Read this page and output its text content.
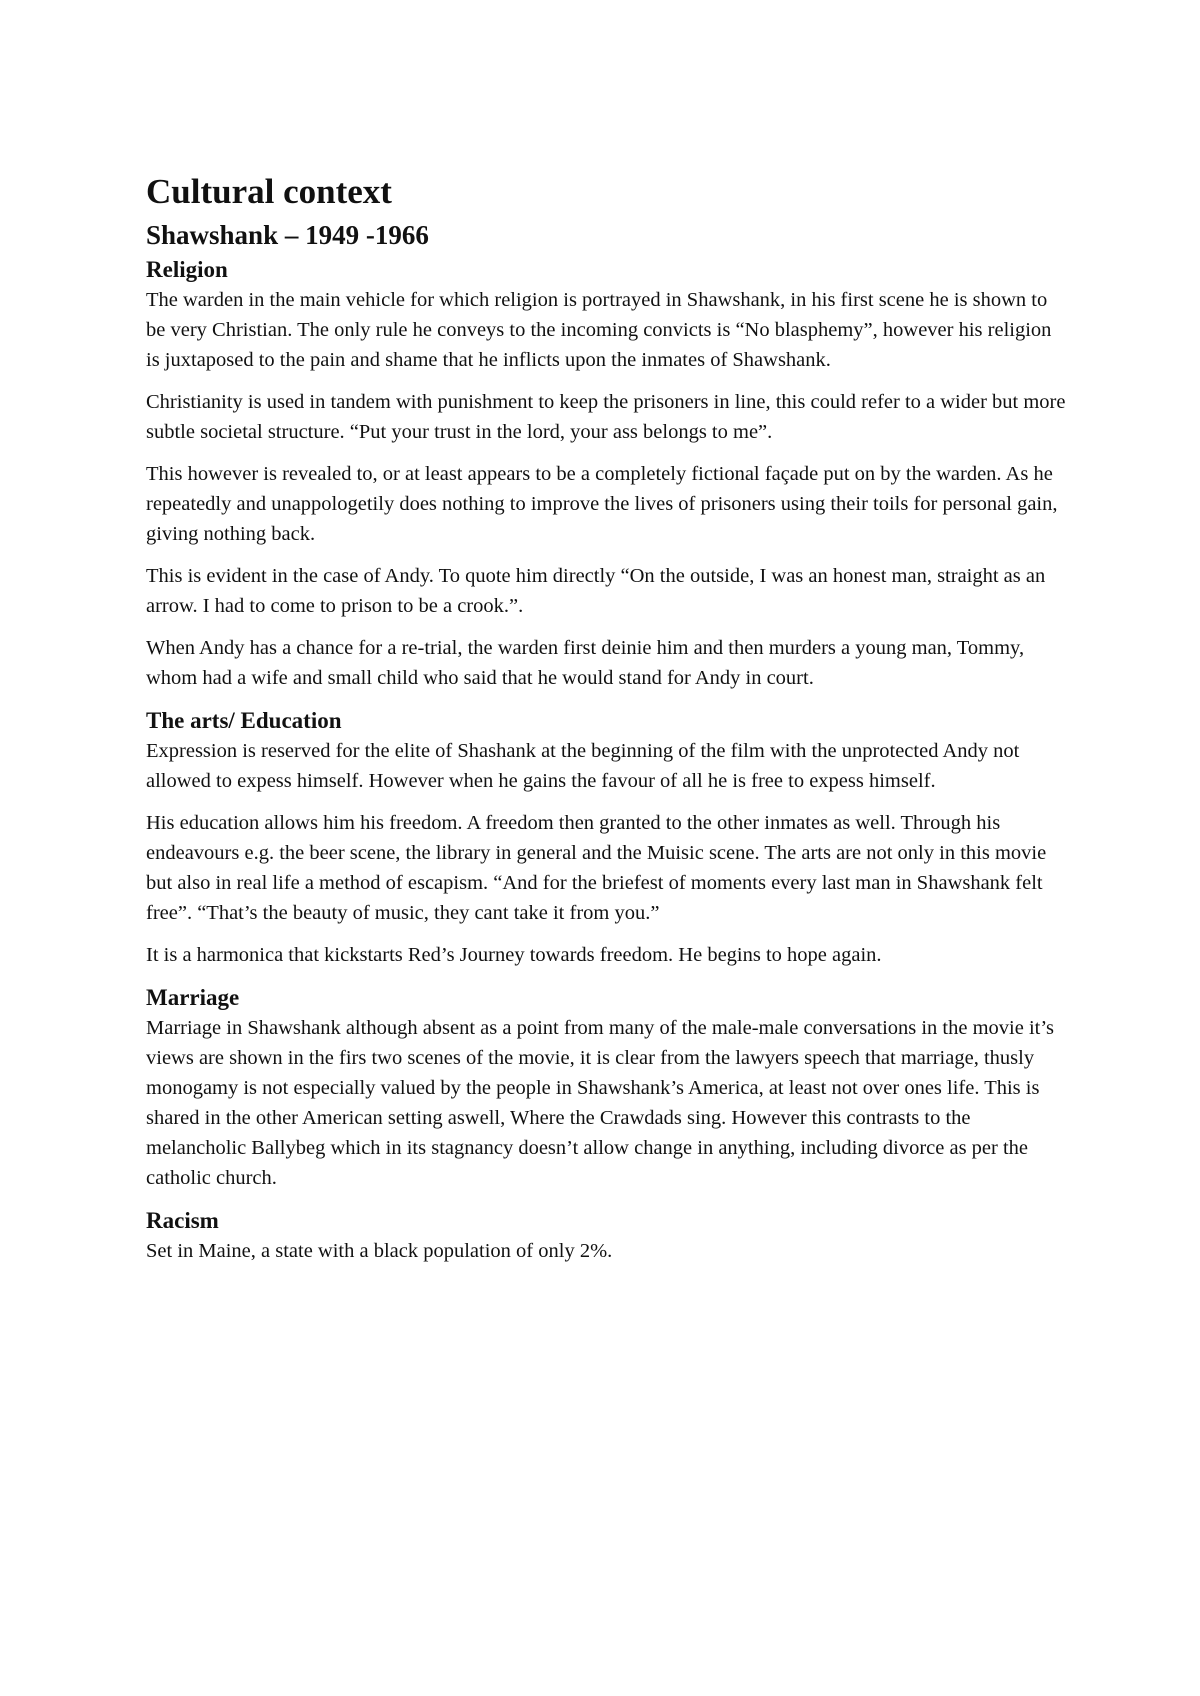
Cultural context
Shawshank – 1949 -1966
Religion

The warden in the main vehicle for which religion is portrayed in Shawshank, in his first scene he is shown to be very Christian. The only rule he conveys to the incoming convicts is “No blasphemy”, however his religion is juxtaposed to the pain and shame that he inflicts upon the inmates of Shawshank.

Christianity is used in tandem with punishment to keep the prisoners in line, this could refer to a wider but more subtle societal structure. “Put your trust in the lord, your ass belongs to me”.

This however is revealed to, or at least appears to be a completely fictional façade put on by the warden. As he repeatedly and unappologetily does nothing to improve the lives of prisoners using their toils for personal gain, giving nothing back.

This is evident in the case of Andy. To quote him directly “On the outside, I was an honest man, straight as an arrow. I had to come to prison to be a crook.”.

When Andy has a chance for a re-trial, the warden first deinie him and then murders a young man, Tommy, whom had a wife and small child who said that he would stand for Andy in court.

The arts/ Education

Expression is reserved for the elite of Shashank at the beginning of the film with the unprotected Andy not allowed to expess himself. However when he gains the favour of all he is free to expess himself.

His education allows him his freedom. A freedom then granted to the other inmates as well. Through his endeavours e.g. the beer scene, the library in general and the Muisic scene. The arts are not only in this movie but also in real life a method of escapism. “And for the briefest of moments every last man in Shawshank felt free”. “That’s the beauty of music, they cant take it from you.”

It is a harmonica that kickstarts Red’s Journey towards freedom. He begins to hope again.

Marriage

Marriage in Shawshank although absent as a point from many of the male-male conversations in the movie it’s views are shown in the firs two scenes of the movie, it is clear from the lawyers speech that marriage, thusly monogamy is not especially valued by the people in Shawshank’s America, at least not over ones life. This is shared in the other American setting aswell, Where the Crawdads sing. However this contrasts to the melancholic Ballybeg which in its stagnancy doesn’t allow change in anything, including divorce as per the catholic church.

Racism

Set in Maine, a state with a black population of only 2%.
